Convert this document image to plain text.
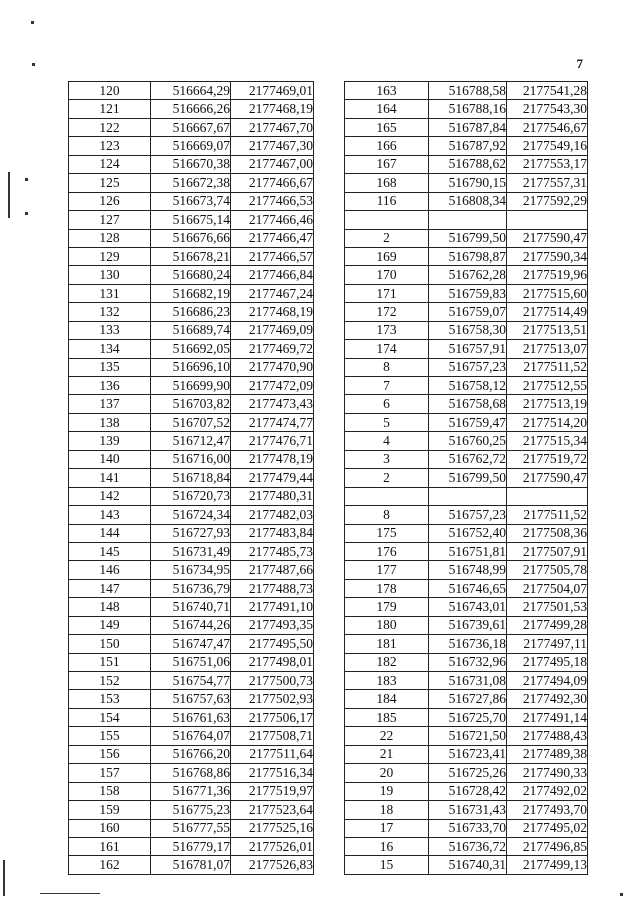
7
120	516664,29	2177469,01
121	516666,26	2177468,19
122	516667,67	2177467,70
123	516669,07	2177467,30
124	516670,38	2177467,00
125	516672,38	2177466,67
126	516673,74	2177466,53
127	516675,14	2177466,46
128	516676,66	2177466,47
129	516678,21	2177466,57
130	516680,24	2177466,84
131	516682,19	2177467,24
132	516686,23	2177468,19
133	516689,74	2177469,09
134	516692,05	2177469,72
135	516696,10	2177470,90
136	516699,90	2177472,09
137	516703,82	2177473,43
138	516707,52	2177474,77
139	516712,47	2177476,71
140	516716,00	2177478,19
141	516718,84	2177479,44
142	516720,73	2177480,31
143	516724,34	2177482,03
144	516727,93	2177483,84
145	516731,49	2177485,73
146	516734,95	2177487,66
147	516736,79	2177488,73
148	516740,71	2177491,10
149	516744,26	2177493,35
150	516747,47	2177495,50
151	516751,06	2177498,01
152	516754,77	2177500,73
153	516757,63	2177502,93
154	516761,63	2177506,17
155	516764,07	2177508,71
156	516766,20	2177511,64
157	516768,86	2177516,34
158	516771,36	2177519,97
159	516775,23	2177523,64
160	516777,55	2177525,16
161	516779,17	2177526,01
162	516781,07	2177526,83
163	516788,58	2177541,28
164	516788,16	2177543,30
165	516787,84	2177546,67
166	516787,92	2177549,16
167	516788,62	2177553,17
168	516790,15	2177557,31
116	516808,34	2177592,29

2	516799,50	2177590,47
169	516798,87	2177590,34
170	516762,28	2177519,96
171	516759,83	2177515,60
172	516759,07	2177514,49
173	516758,30	2177513,51
174	516757,91	2177513,07
8	516757,23	2177511,52
7	516758,12	2177512,55
6	516758,68	2177513,19
5	516759,47	2177514,20
4	516760,25	2177515,34
3	516762,72	2177519,72
2	516799,50	2177590,47

8	516757,23	2177511,52
175	516752,40	2177508,36
176	516751,81	2177507,91
177	516748,99	2177505,78
178	516746,65	2177504,07
179	516743,01	2177501,53
180	516739,61	2177499,28
181	516736,18	2177497,11
182	516732,96	2177495,18
183	516731,08	2177494,09
184	516727,86	2177492,30
185	516725,70	2177491,14
22	516721,50	2177488,43
21	516723,41	2177489,38
20	516725,26	2177490,33
19	516728,42	2177492,02
18	516731,43	2177493,70
17	516733,70	2177495,02
16	516736,72	2177496,85
15	516740,31	2177499,13
